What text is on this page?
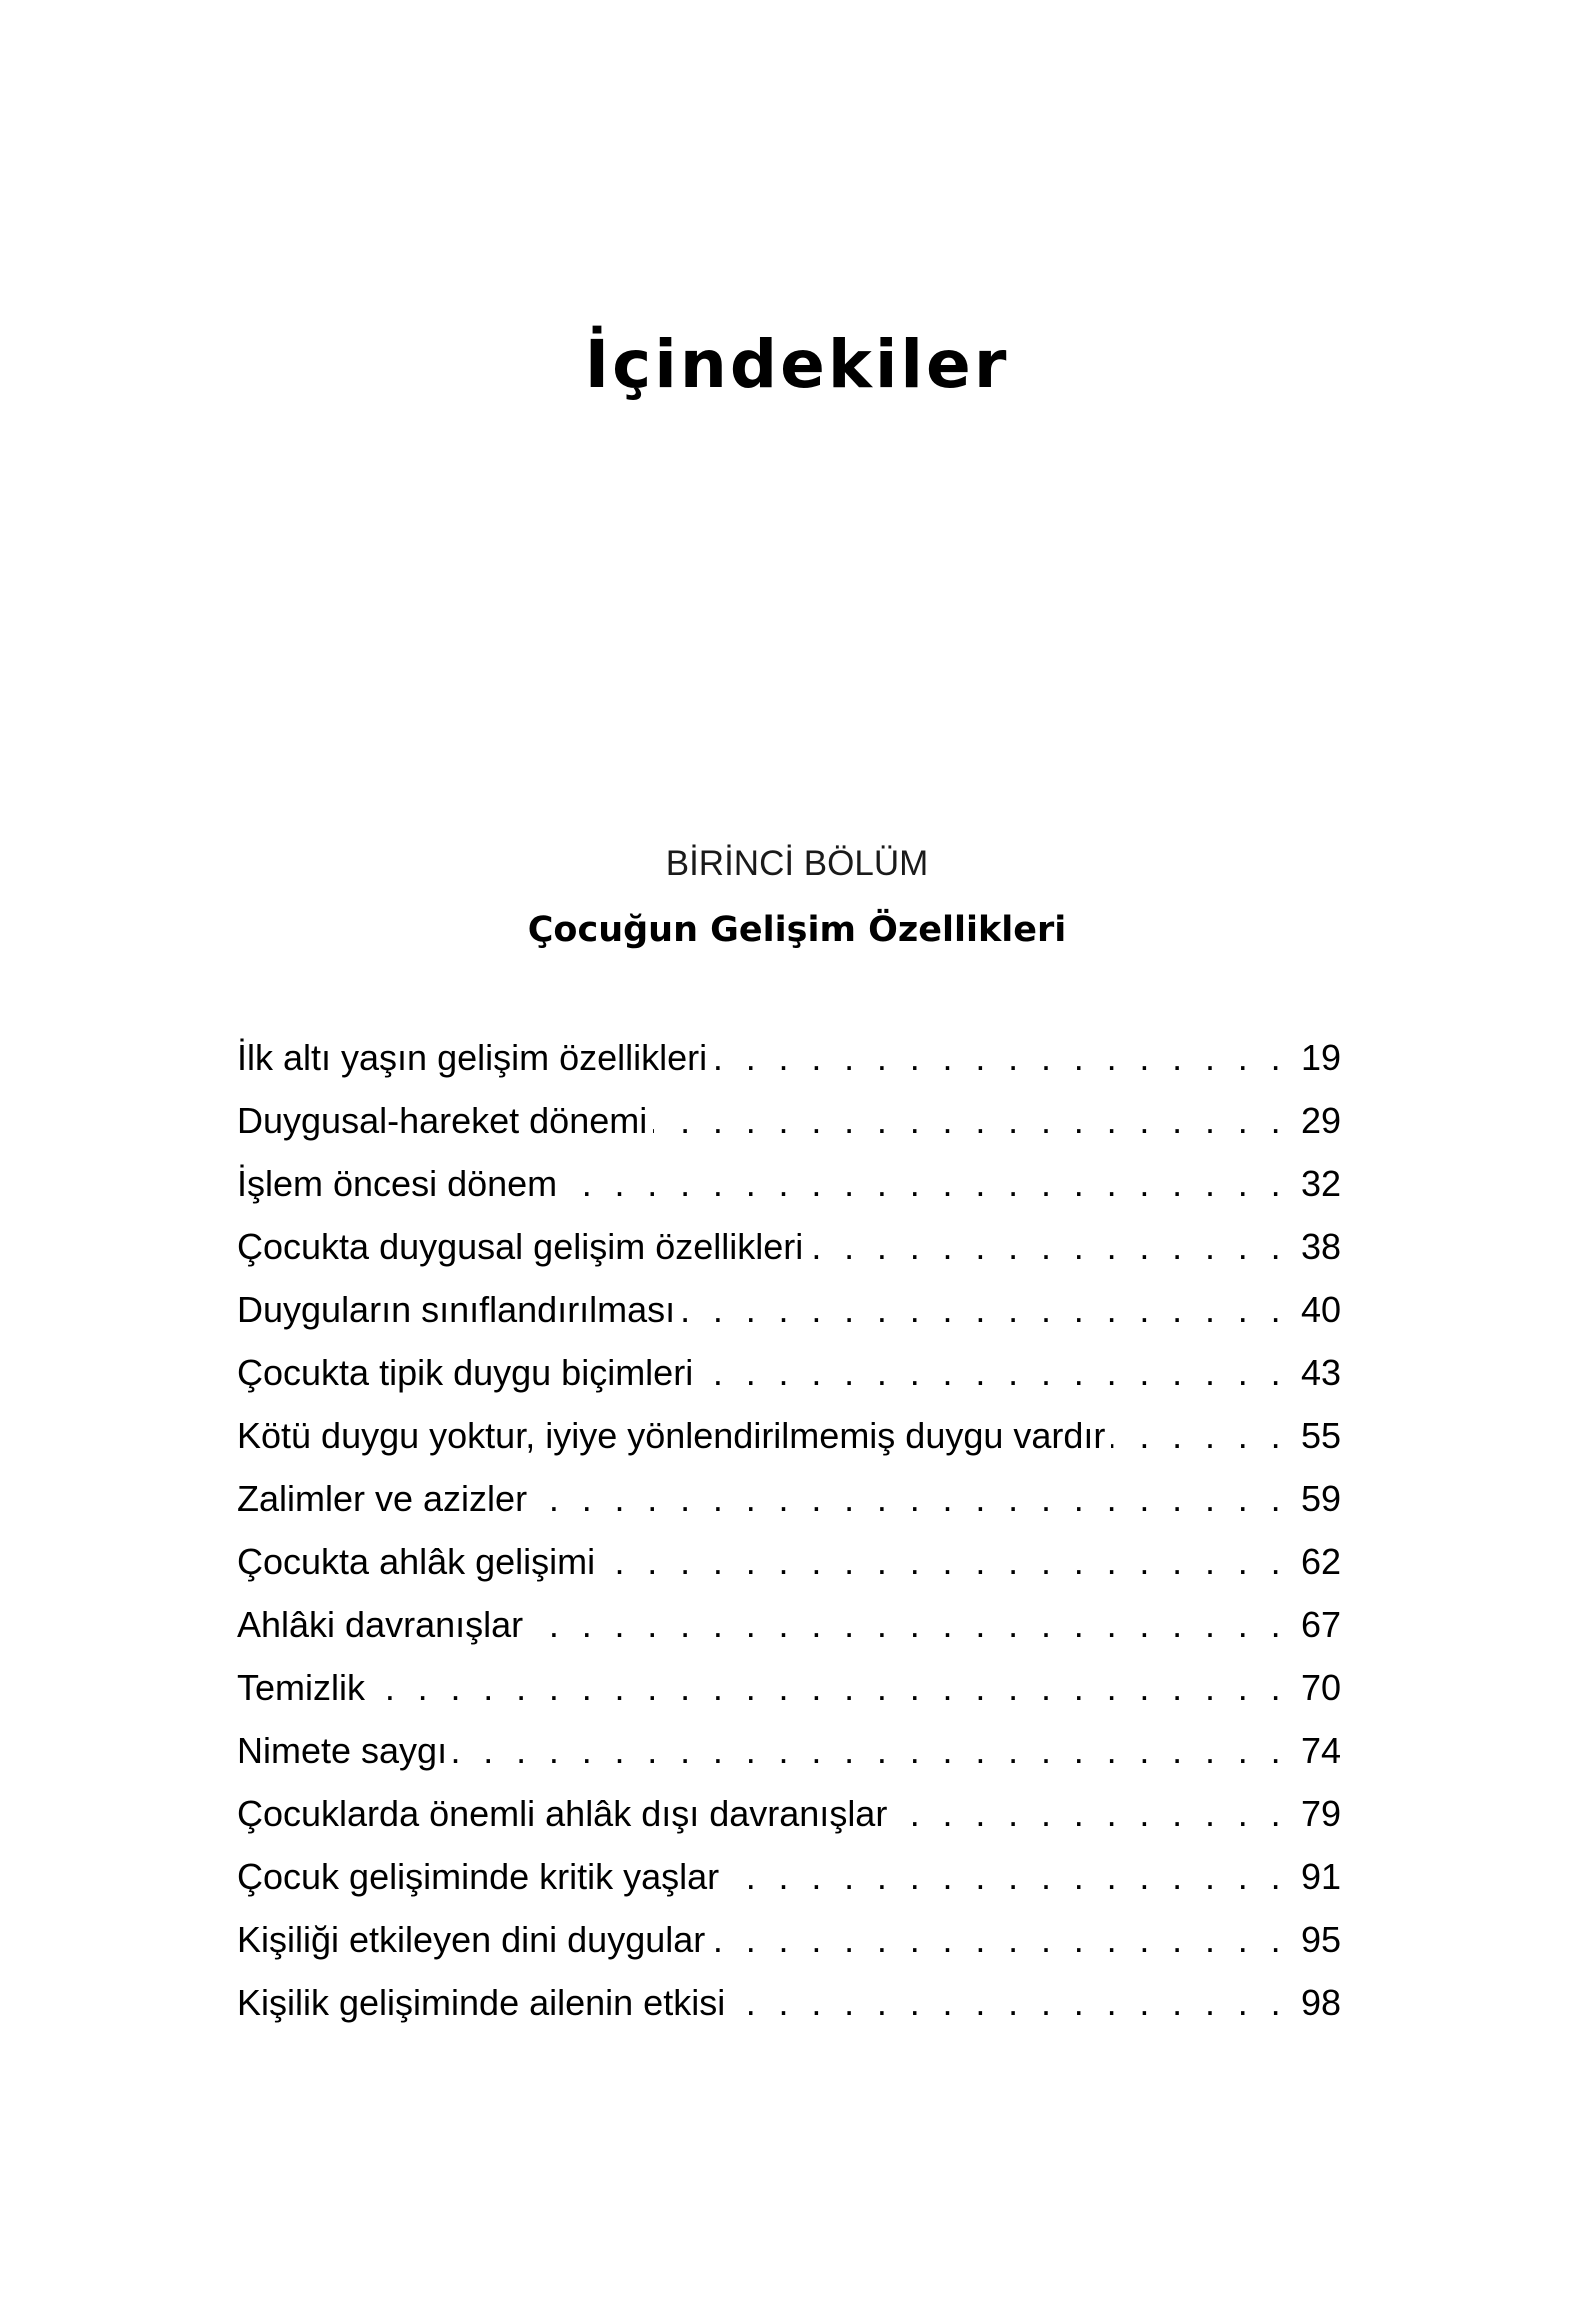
İçindekiler
BİRİNCİ BÖLÜM
Çocuğun Gelişim Özellikleri
İlk altı yaşın gelişim özellikleri . . .	19
Duygusal-hareket dönemi . . .	29
İşlem öncesi dönem . . .	32
Çocukta duygusal gelişim özellikleri . . .	38
Duyguların sınıflandırılması . . .	40
Çocukta tipik duygu biçimleri . . .	43
Kötü duygu yoktur, iyiye yönlendirilmemiş duygu vardır . . .	55
Zalimler ve azizler . . .	59
Çocukta ahlâk gelişimi . . .	62
Ahlâki davranışlar . . .	67
Temizlik . . .	70
Nimete saygı . . .	74
Çocuklarda önemli ahlâk dışı davranışlar . . .	79
Çocuk gelişiminde kritik yaşlar . . .	91
Kişiliği etkileyen dini duygular . . .	95
Kişilik gelişiminde ailenin etkisi . . .	98
